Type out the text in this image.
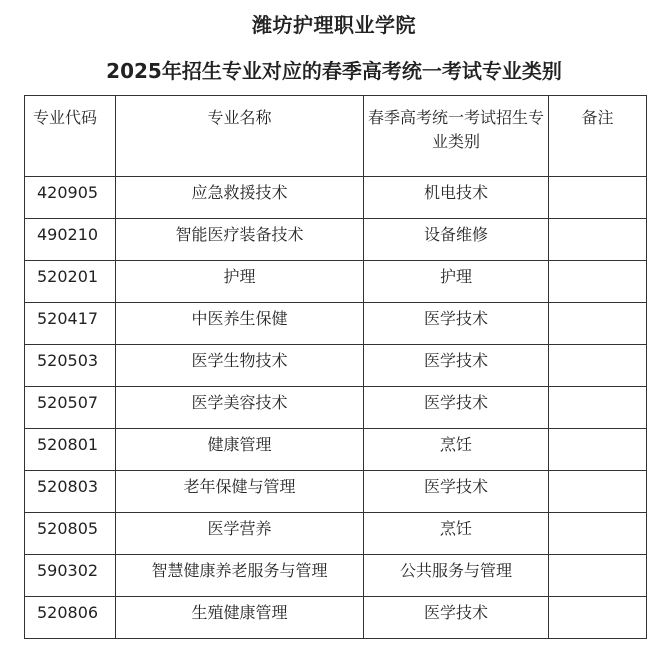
潍坊护理职业学院
2025年招生专业对应的春季高考统一考试专业类别
专业代码	专业名称	春季高考统一考试招生专业类别	备注
420905	应急救援技术	机电技术	
490210	智能医疗装备技术	设备维修	
520201	护理	护理	
520417	中医养生保健	医学技术	
520503	医学生物技术	医学技术	
520507	医学美容技术	医学技术	
520801	健康管理	烹饪	
520803	老年保健与管理	医学技术	
520805	医学营养	烹饪	
590302	智慧健康养老服务与管理	公共服务与管理	
520806	生殖健康管理	医学技术	
